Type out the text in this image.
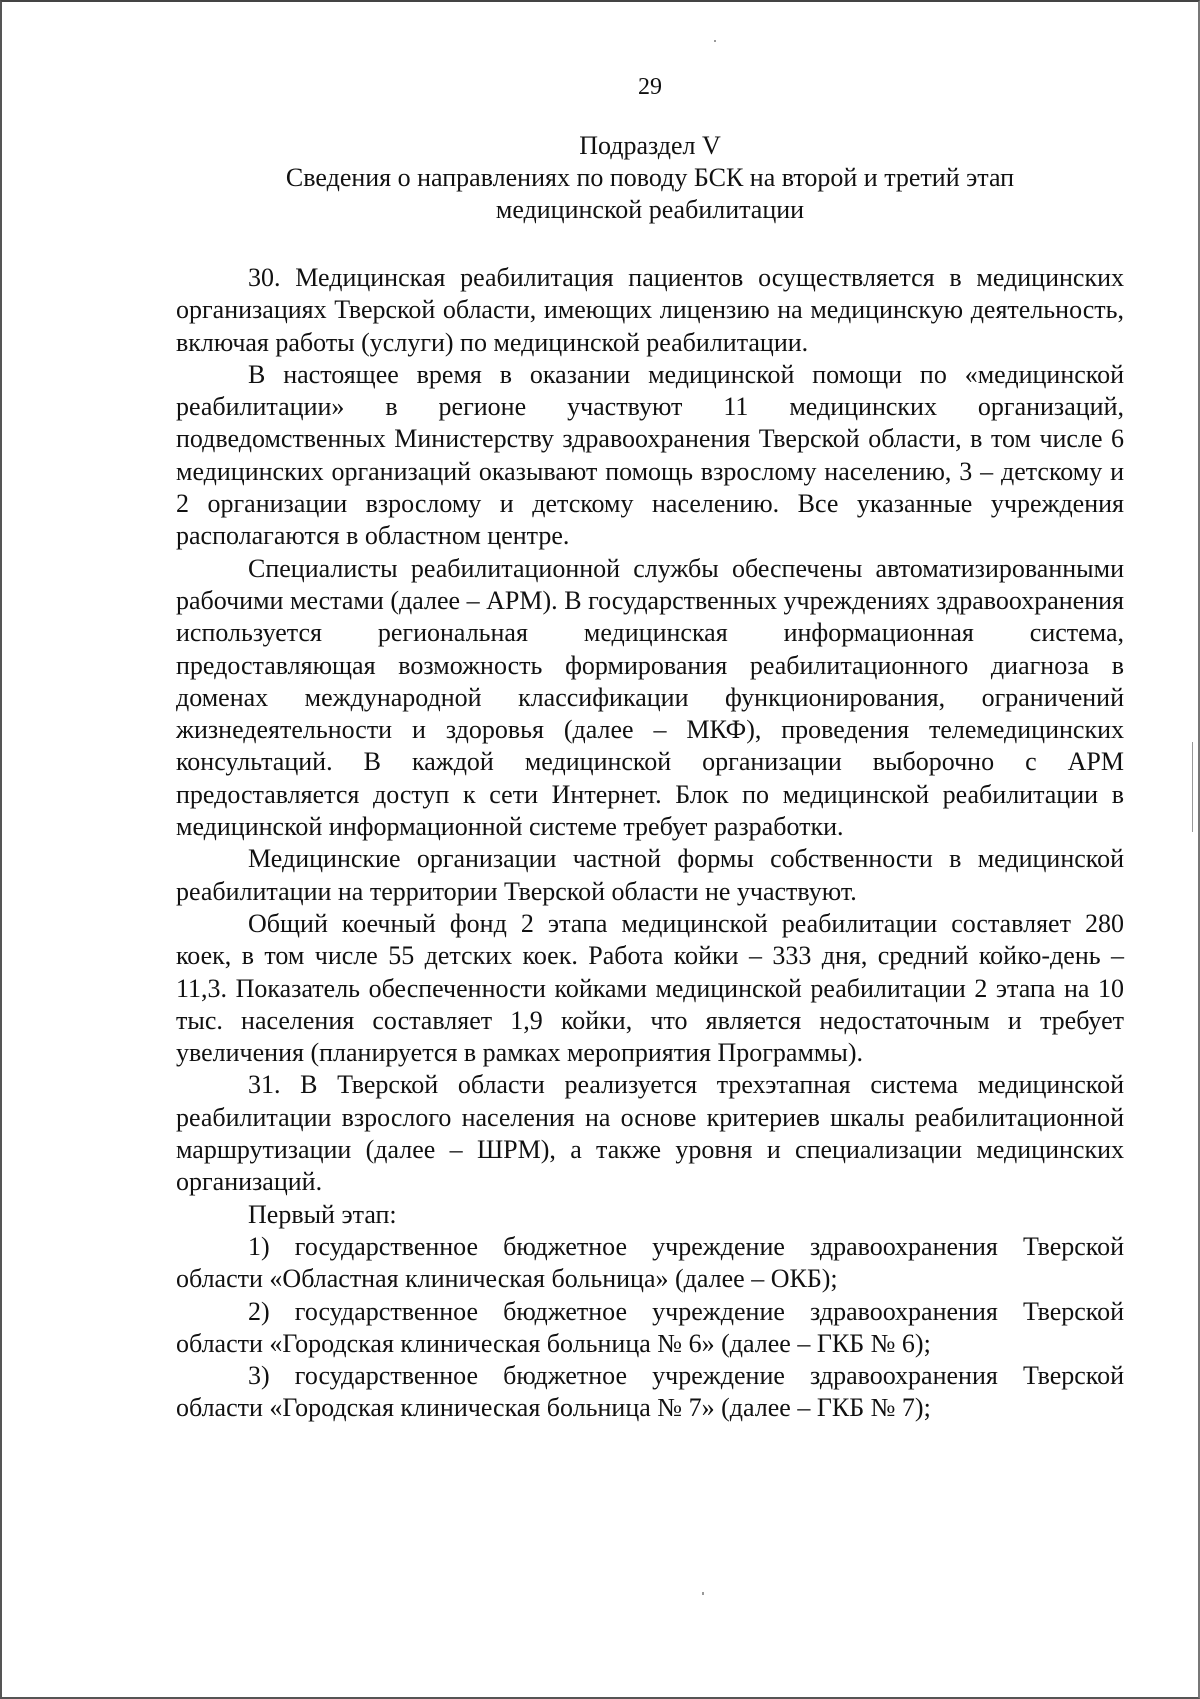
29
Подраздел V
Сведения о направлениях по поводу БСК на второй и третий этап
медицинской реабилитации

30. Медицинская реабилитация пациентов осуществляется в медицинских организациях Тверской области, имеющих лицензию на медицинскую деятельность, включая работы (услуги) по медицинской реабилитации.

В настоящее время в оказании медицинской помощи по «медицинской реабилитации» в регионе участвуют 11 медицинских организаций, подведомственных Министерству здравоохранения Тверской области, в том числе 6 медицинских организаций оказывают помощь взрослому населению, 3 – детскому и 2 организации взрослому и детскому населению. Все указанные учреждения располагаются в областном центре.

Специалисты реабилитационной службы обеспечены автоматизированными рабочими местами (далее – АРМ). В государственных учреждениях здравоохранения используется региональная медицинская информационная система, предоставляющая возможность формирования реабилитационного диагноза в доменах международной классификации функционирования, ограничений жизнедеятельности и здоровья (далее – МКФ), проведения телемедицинских консультаций. В каждой медицинской организации выборочно с АРМ предоставляется доступ к сети Интернет. Блок по медицинской реабилитации в медицинской информационной системе требует разработки.

Медицинские организации частной формы собственности в медицинской реабилитации на территории Тверской области не участвуют.

Общий коечный фонд 2 этапа медицинской реабилитации составляет 280 коек, в том числе 55 детских коек. Работа койки – 333 дня, средний койко-день – 11,3. Показатель обеспеченности койками медицинской реабилитации 2 этапа на 10 тыс. населения составляет 1,9 койки, что является недостаточным и требует увеличения (планируется в рамках мероприятия Программы).

31. В Тверской области реализуется трехэтапная система медицинской реабилитации взрослого населения на основе критериев шкалы реабилитационной маршрутизации (далее – ШРМ), а также уровня и специализации медицинских организаций.

Первый этап:

1) государственное бюджетное учреждение здравоохранения Тверской области «Областная клиническая больница» (далее – ОКБ);

2) государственное бюджетное учреждение здравоохранения Тверской области «Городская клиническая больница № 6» (далее – ГКБ № 6);

3) государственное бюджетное учреждение здравоохранения Тверской области «Городская клиническая больница № 7» (далее – ГКБ № 7);
